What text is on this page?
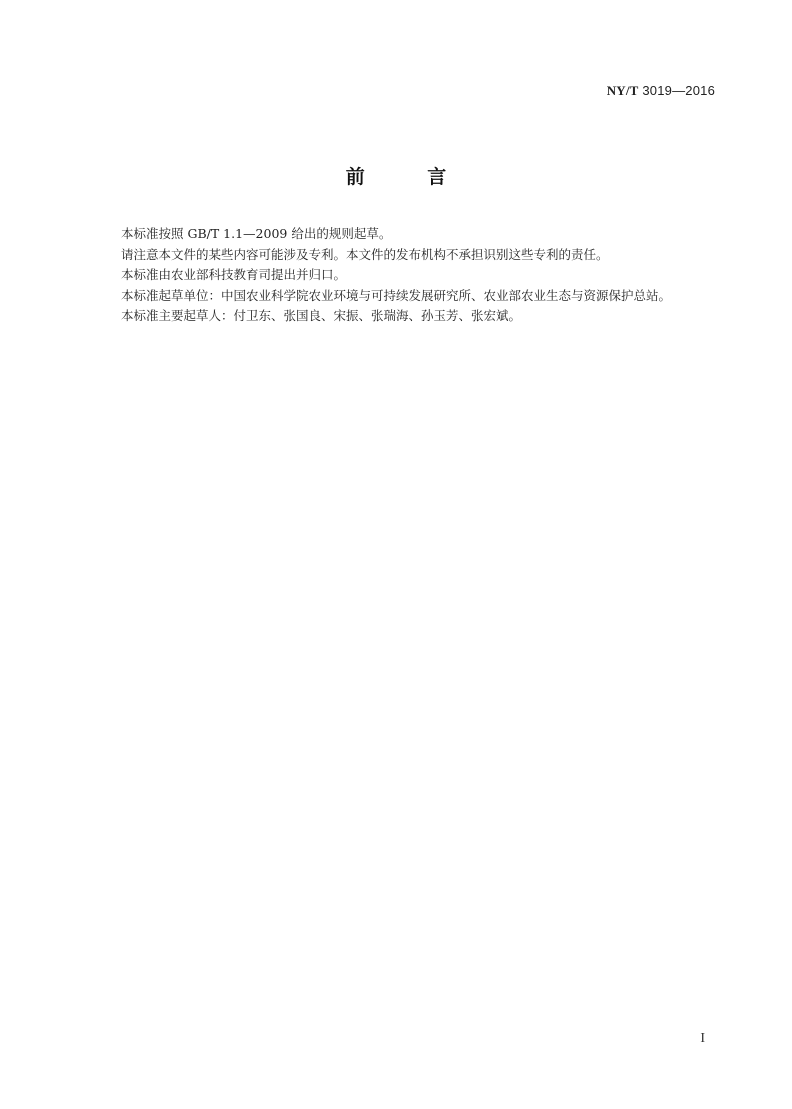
NY/T 3019—2016
前 言

本标准按照 GB/T 1.1—2009 给出的规则起草。

请注意本文件的某些内容可能涉及专利。本文件的发布机构不承担识别这些专利的责任。

本标准由农业部科技教育司提出并归口。

本标准起草单位：中国农业科学院农业环境与可持续发展研究所、农业部农业生态与资源保护总站。

本标准主要起草人：付卫东、张国良、宋振、张瑞海、孙玉芳、张宏斌。

I
